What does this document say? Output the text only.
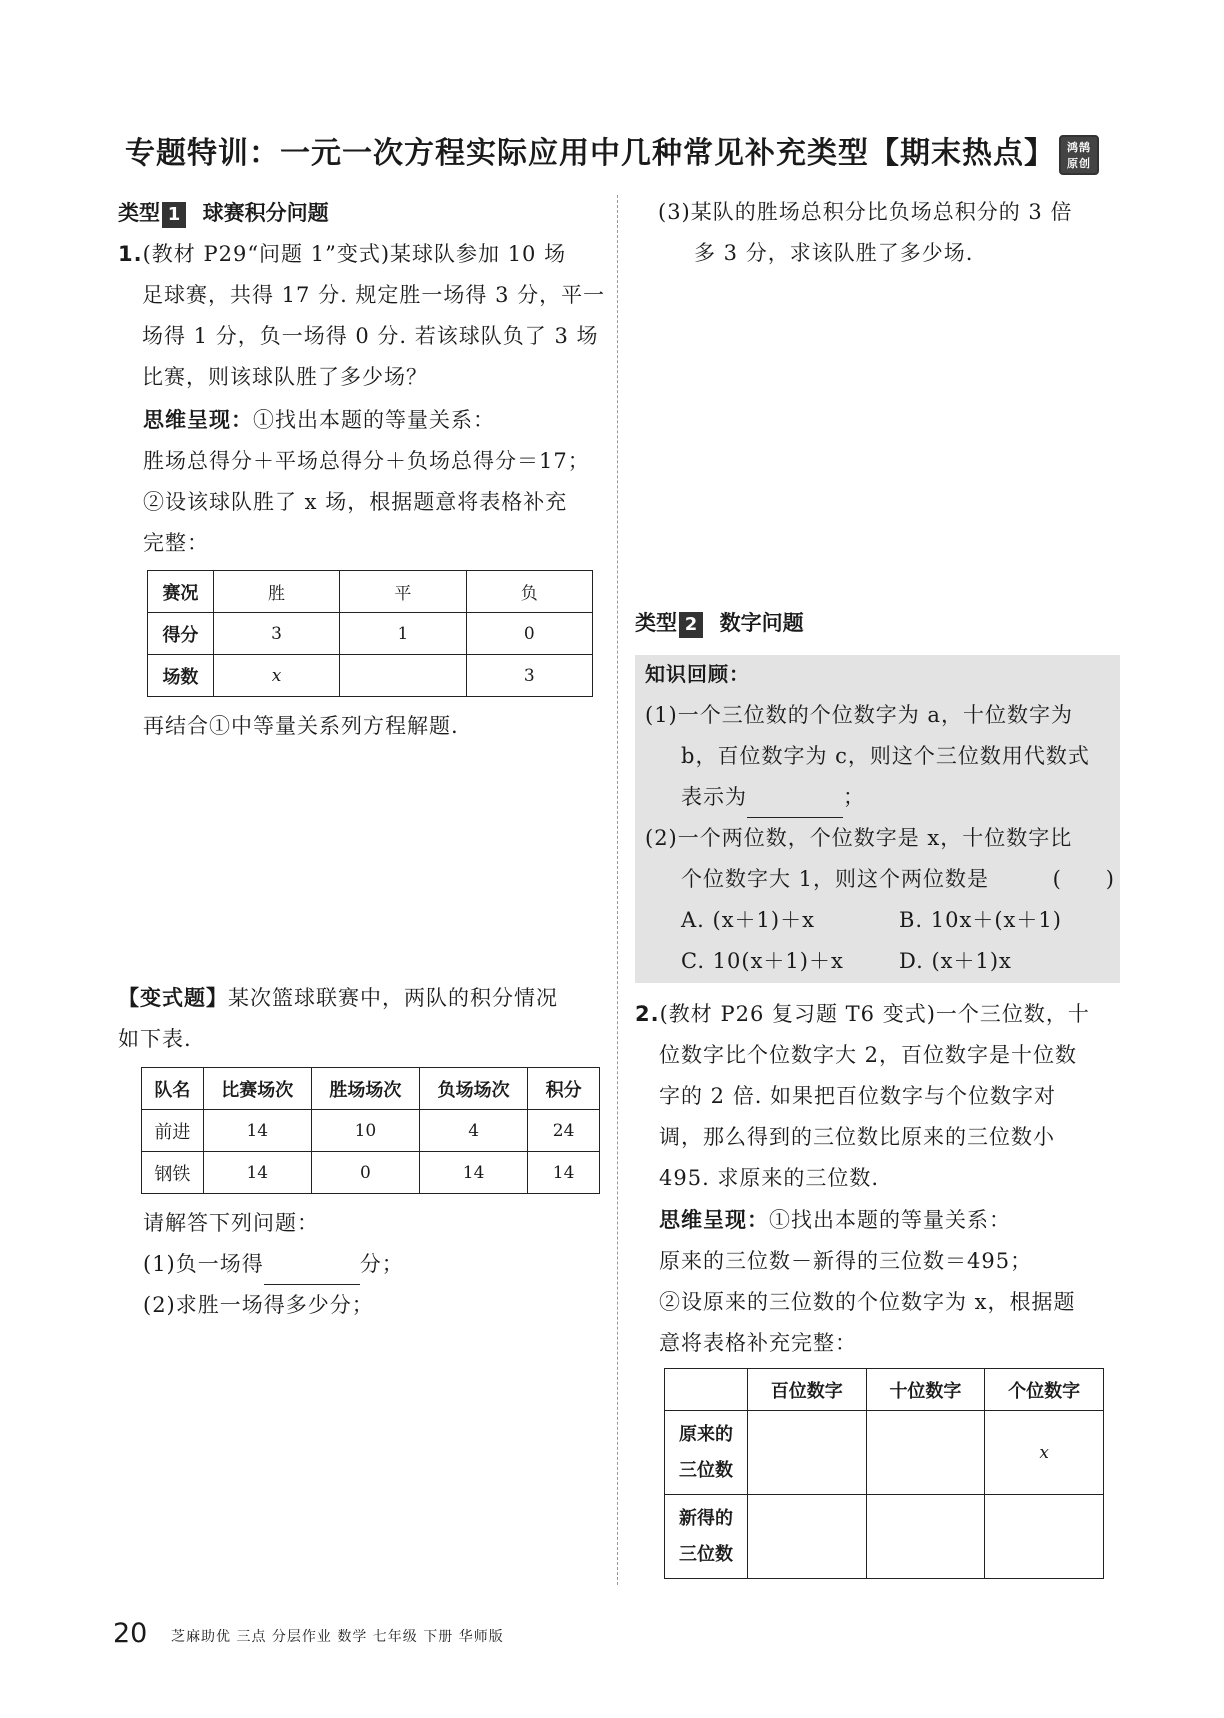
专题特训：一元一次方程实际应用中几种常见补充类型【期末热点】 鸿鹄
原创
类型 1 球赛积分问题
1.(教材 P29“问题 1”变式)某球队参加 10 场
足球赛，共得 17 分. 规定胜一场得 3 分，平一
场得 1 分，负一场得 0 分. 若该球队负了 3 场
比赛，则该球队胜了多少场？
思维呈现：①找出本题的等量关系：
胜场总得分＋平场总得分＋负场总得分＝17；
②设该球队胜了 x 场，根据题意将表格补充
完整：
赛况	胜	平	负
得分	3	1	0
场数	x		3
再结合①中等量关系列方程解题.
【变式题】某次篮球联赛中，两队的积分情况
如下表.
队名	比赛场次	胜场场次	负场场次	积分
前进	14	10	4	24
钢铁	14	0	14	14
请解答下列问题：
(1)负一场得	分；
(2)求胜一场得多少分；
(3)某队的胜场总积分比负场总积分的 3 倍
多 3 分，求该队胜了多少场.
类型 2 数字问题
知识回顾：
(1)一个三位数的个位数字为 a，十位数字为
b，百位数字为 c，则这个三位数用代数式
表示为	；
(2)一个两位数，个位数字是 x，十位数字比
个位数字大 1，则这个两位数是	(　　)
A. (x＋1)＋x	B. 10x＋(x＋1)
C. 10(x＋1)＋x	D. (x＋1)x
2.(教材 P26 复习题 T6 变式)一个三位数，十
位数字比个位数字大 2，百位数字是十位数
字的 2 倍. 如果把百位数字与个位数字对
调，那么得到的三位数比原来的三位数小
495. 求原来的三位数.
思维呈现：①找出本题的等量关系：
原来的三位数－新得的三位数＝495；
②设原来的三位数的个位数字为 x，根据题
意将表格补充完整：
	百位数字	十位数字	个位数字
原来的
三位数			x
新得的
三位数			
20 芝麻助优 三点 分层作业 数学 七年级 下册 华师版
